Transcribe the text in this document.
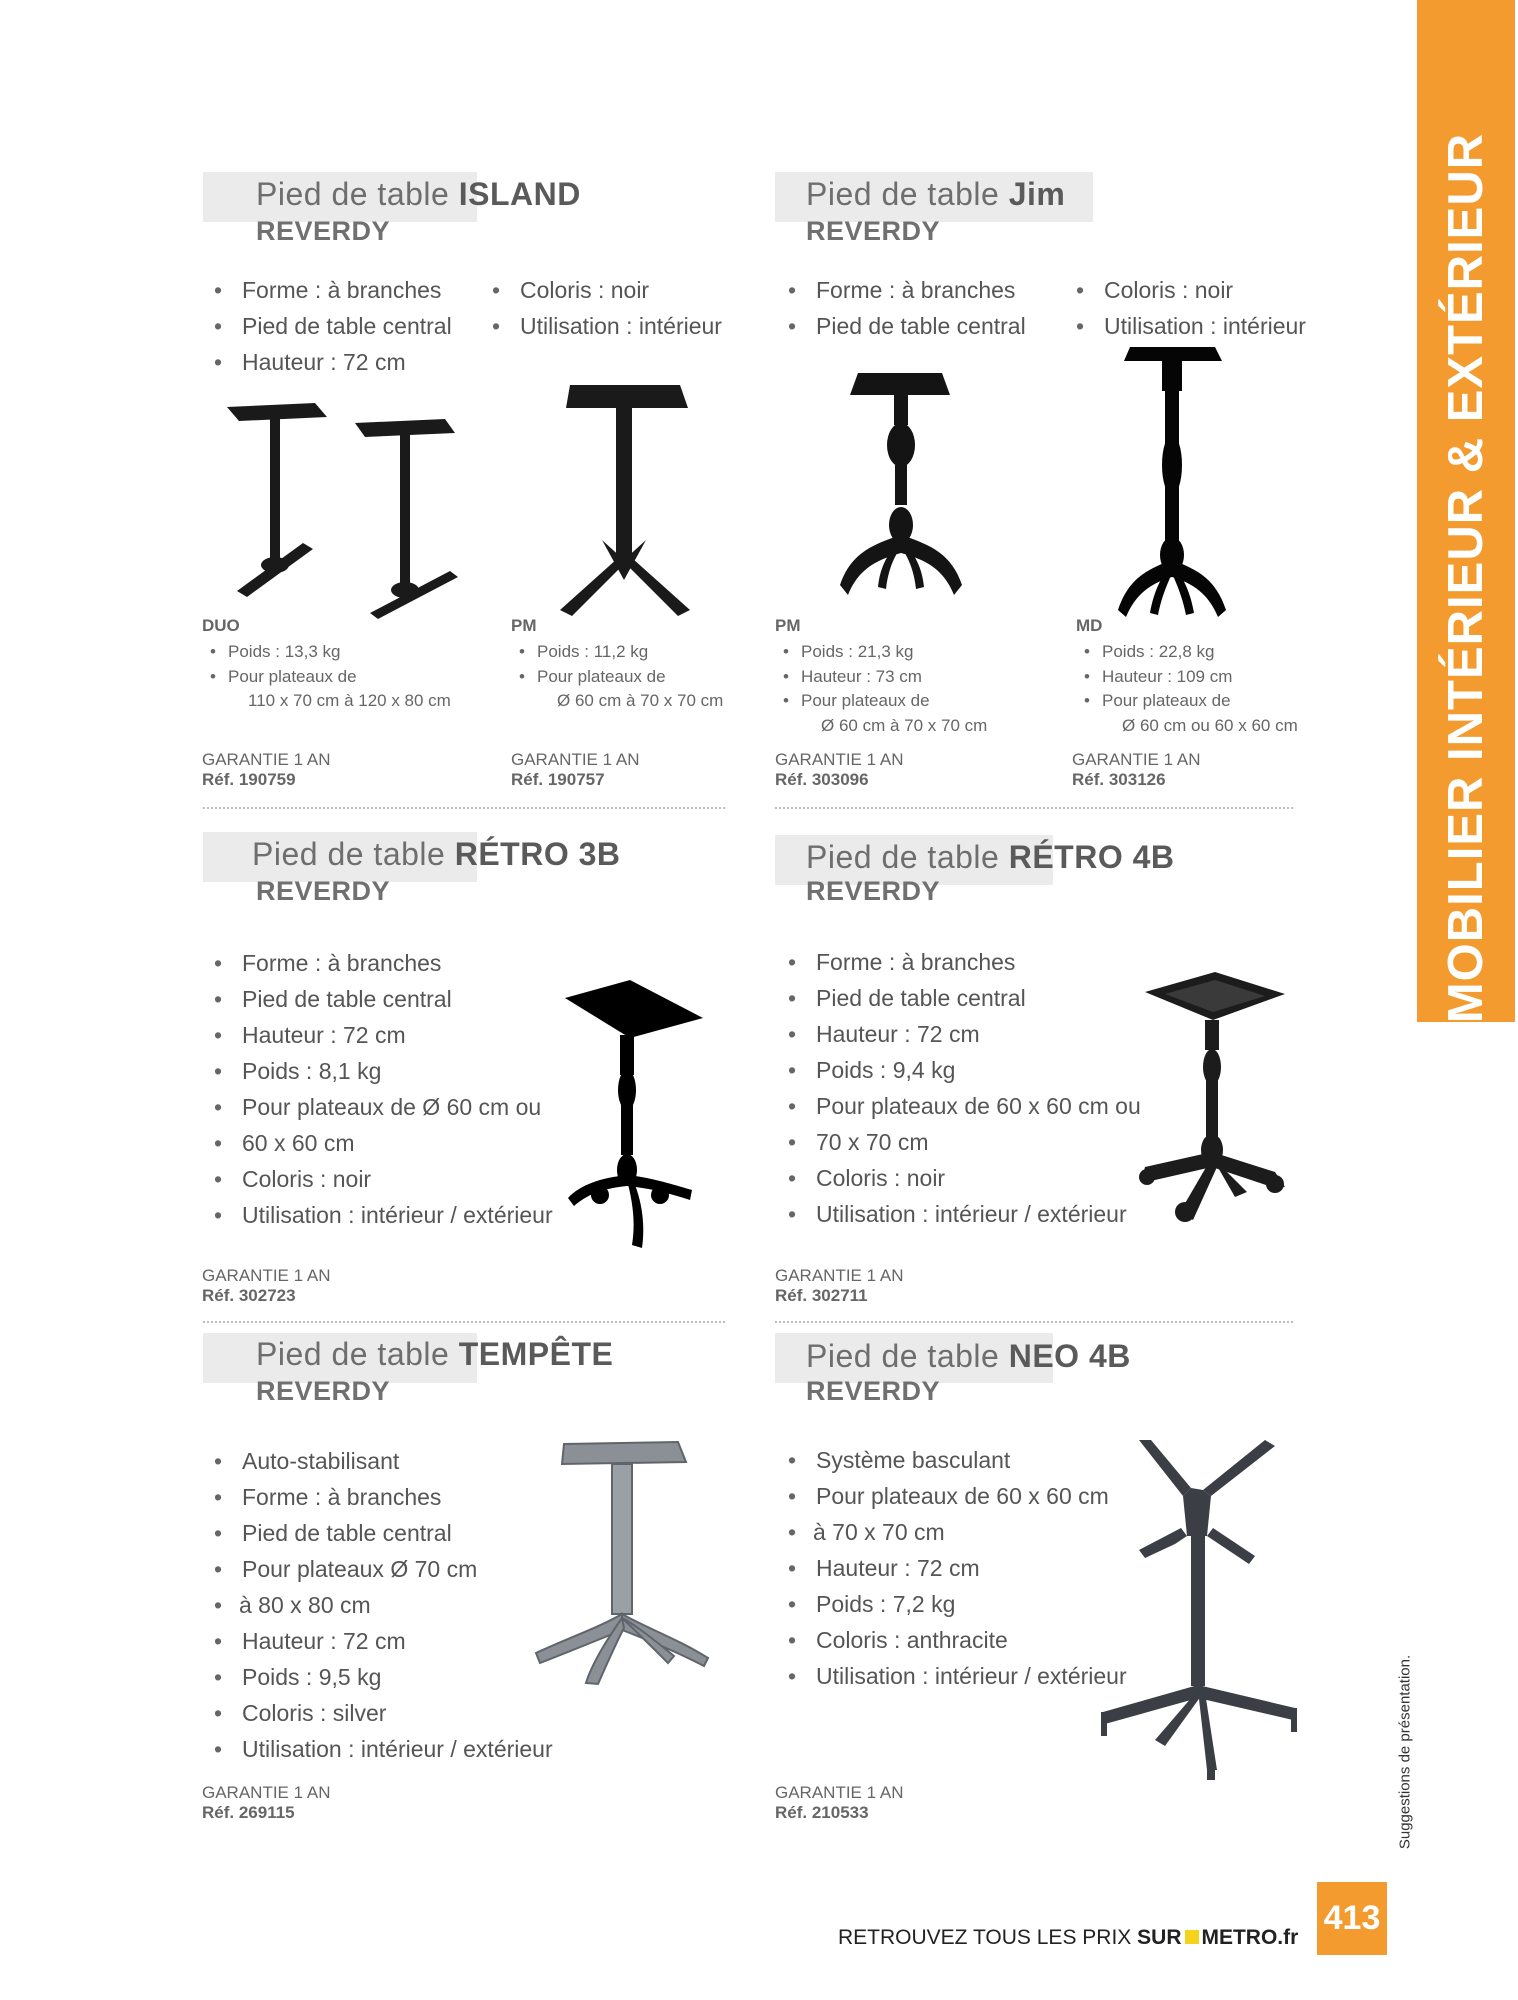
MOBILIER INTÉRIEUR & EXTÉRIEUR
Suggestions de présentation.
Pied de table ISLAND
REVERDY
• Forme : à branches
• Pied de table central
• Hauteur : 72 cm
• Coloris : noir
• Utilisation : intérieur
DUO
• Poids : 13,3 kg
• Pour plateaux de
110 x 70 cm à 120 x 80 cm
GARANTIE 1 AN
Réf. 190759
PM
• Poids : 11,2 kg
• Pour plateaux de
Ø 60 cm à 70 x 70 cm
GARANTIE 1 AN
Réf. 190757
Pied de table Jim
REVERDY
• Forme : à branches
• Pied de table central
• Coloris : noir
• Utilisation : intérieur
PM
• Poids : 21,3 kg
• Hauteur : 73 cm
• Pour plateaux de
Ø 60 cm à 70 x 70 cm
GARANTIE 1 AN
Réf. 303096
MD
• Poids : 22,8 kg
• Hauteur : 109 cm
• Pour plateaux de
Ø 60 cm ou 60 x 60 cm
GARANTIE 1 AN
Réf. 303126
Pied de table RÉTRO 3B
REVERDY
• Forme : à branches
• Pied de table central
• Hauteur : 72 cm
• Poids : 8,1 kg
• Pour plateaux de Ø 60 cm ou
• 60 x 60 cm
• Coloris : noir
• Utilisation : intérieur / extérieur
GARANTIE 1 AN
Réf. 302723
Pied de table RÉTRO 4B
REVERDY
• Forme : à branches
• Pied de table central
• Hauteur : 72 cm
• Poids : 9,4 kg
• Pour plateaux de 60 x 60 cm ou
• 70 x 70 cm
• Coloris : noir
• Utilisation : intérieur / extérieur
GARANTIE 1 AN
Réf. 302711
Pied de table TEMPÊTE
REVERDY
• Auto-stabilisant
• Forme : à branches
• Pied de table central
• Pour plateaux Ø 70 cm
• à 80 x 80 cm
• Hauteur : 72 cm
• Poids : 9,5 kg
• Coloris : silver
• Utilisation : intérieur / extérieur
GARANTIE 1 AN
Réf. 269115
Pied de table NEO 4B
REVERDY
• Système basculant
• Pour plateaux de 60 x 60 cm
• à 70 x 70 cm
• Hauteur : 72 cm
• Poids : 7,2 kg
• Coloris : anthracite
• Utilisation : intérieur / extérieur
GARANTIE 1 AN
Réf. 210533
RETROUVEZ TOUS LES PRIX SUR METRO.fr
413
